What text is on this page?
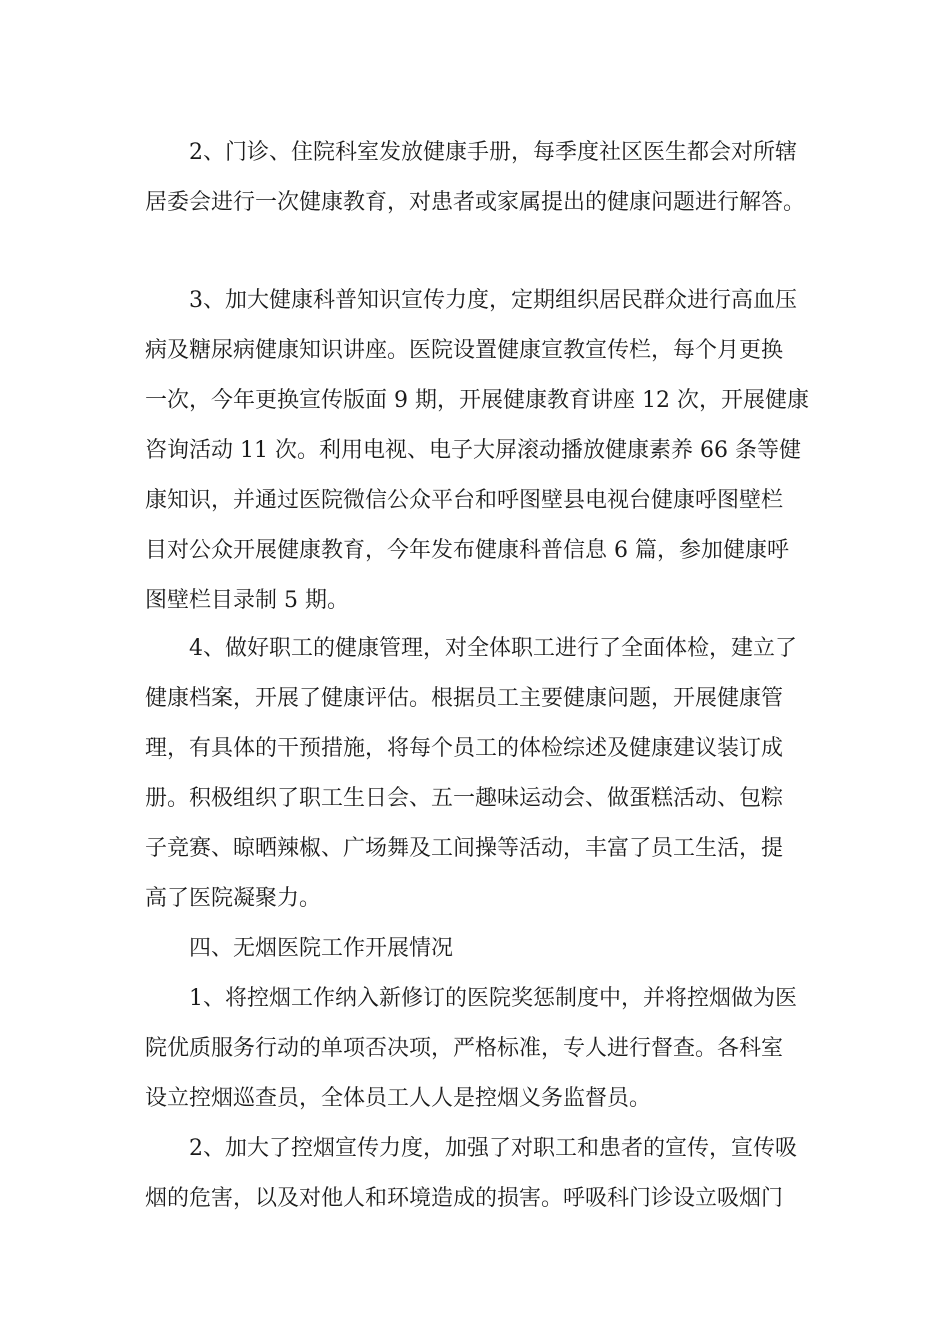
　　2、门诊、住院科室发放健康手册，每季度社区医生都会对所辖
居委会进行一次健康教育，对患者或家属提出的健康问题进行解答。
　　3、加大健康科普知识宣传力度，定期组织居民群众进行高血压
病及糖尿病健康知识讲座。医院设置健康宣教宣传栏，每个月更换
一次，今年更换宣传版面 9 期，开展健康教育讲座 12 次，开展健康
咨询活动 11 次。利用电视、电子大屏滚动播放健康素养 66 条等健
康知识，并通过医院微信公众平台和呼图壁县电视台健康呼图壁栏
目对公众开展健康教育，今年发布健康科普信息 6 篇，参加健康呼
图壁栏目录制 5 期。
　　4、做好职工的健康管理，对全体职工进行了全面体检，建立了
健康档案，开展了健康评估。根据员工主要健康问题，开展健康管
理，有具体的干预措施，将每个员工的体检综述及健康建议装订成
册。积极组织了职工生日会、五一趣味运动会、做蛋糕活动、包粽
子竞赛、晾晒辣椒、广场舞及工间操等活动，丰富了员工生活，提
高了医院凝聚力。
　　四、无烟医院工作开展情况
　　1、将控烟工作纳入新修订的医院奖惩制度中，并将控烟做为医
院优质服务行动的单项否决项，严格标准，专人进行督查。各科室
设立控烟巡查员，全体员工人人是控烟义务监督员。
　　2、加大了控烟宣传力度，加强了对职工和患者的宣传，宣传吸
烟的危害，以及对他人和环境造成的损害。呼吸科门诊设立吸烟门
